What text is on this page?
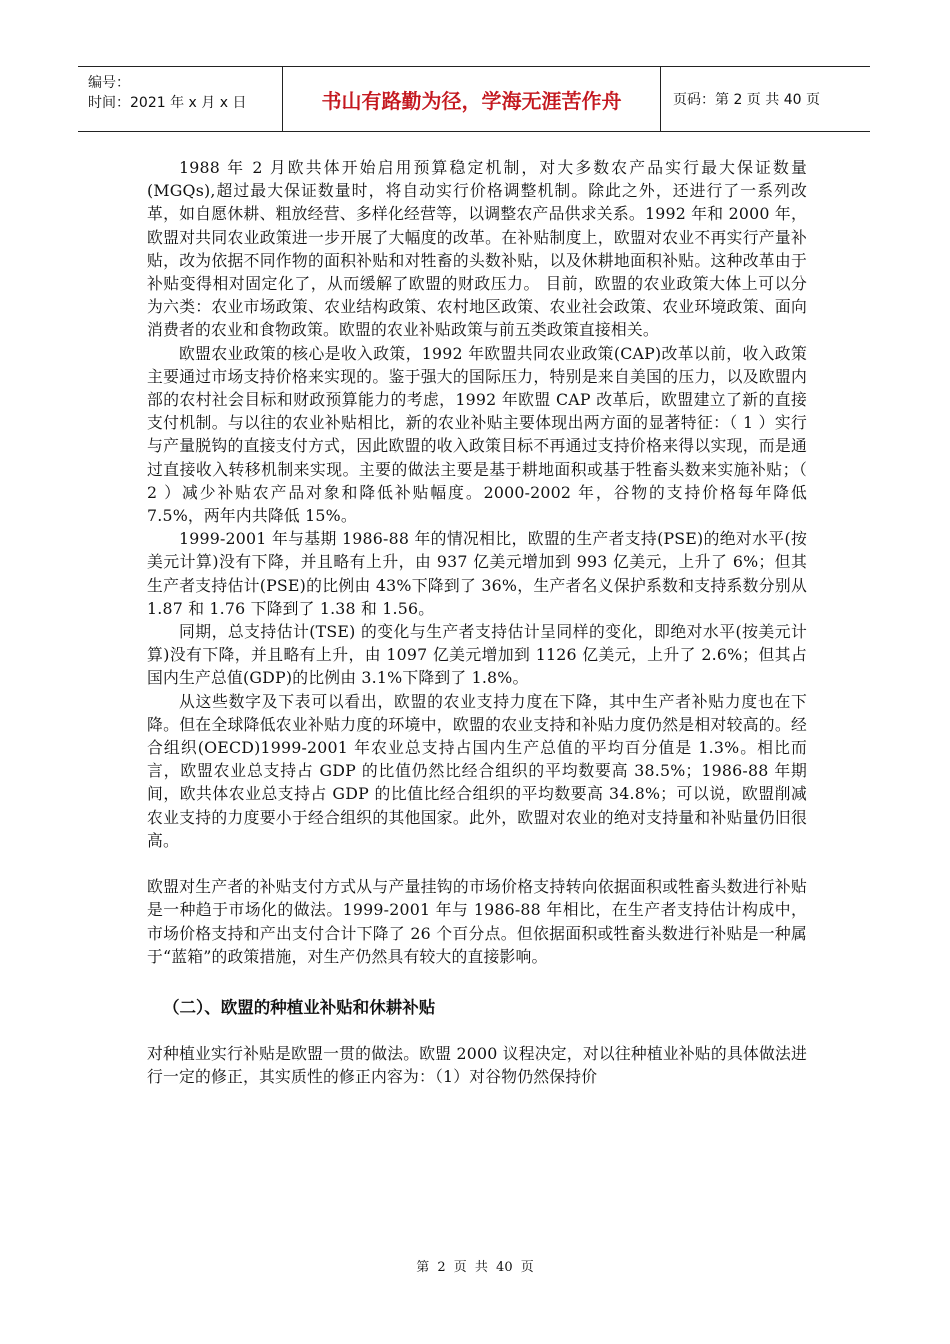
编号：
时间：2021 年 x 月 x 日	书山有路勤为径，学海无涯苦作舟	页码：第 2 页 共 40 页

1988 年 2 月欧共体开始启用预算稳定机制，对大多数农产品实行最大保证数量(MGQs),超过最大保证数量时，将自动实行价格调整机制。除此之外，还进行了一系列改革，如自愿休耕、粗放经营、多样化经营等，以调整农产品供求关系。1992 年和 2000 年，欧盟对共同农业政策进一步开展了大幅度的改革。在补贴制度上，欧盟对农业不再实行产量补贴，改为依据不同作物的面积补贴和对牲畜的头数补贴，以及休耕地面积补贴。这种改革由于补贴变得相对固定化了，从而缓解了欧盟的财政压力。 目前，欧盟的农业政策大体上可以分为六类：农业市场政策、农业结构政策、农村地区政策、农业社会政策、农业环境政策、面向消费者的农业和食物政策。欧盟的农业补贴政策与前五类政策直接相关。

欧盟农业政策的核心是收入政策，1992 年欧盟共同农业政策(CAP)改革以前，收入政策主要通过市场支持价格来实现的。鉴于强大的国际压力，特别是来自美国的压力，以及欧盟内部的农村社会目标和财政预算能力的考虑，1992 年欧盟 CAP 改革后，欧盟建立了新的直接支付机制。与以往的农业补贴相比，新的农业补贴主要体现出两方面的显著特征：（ 1 ）实行与产量脱钩的直接支付方式，因此欧盟的收入政策目标不再通过支持价格来得以实现，而是通过直接收入转移机制来实现。主要的做法主要是基于耕地面积或基于牲畜头数来实施补贴；（ 2 ）减少补贴农产品对象和降低补贴幅度。2000-2002 年，谷物的支持价格每年降低 7.5%，两年内共降低 15%。

1999-2001 年与基期 1986-88 年的情况相比，欧盟的生产者支持(PSE)的绝对水平(按美元计算)没有下降，并且略有上升，由 937 亿美元增加到 993 亿美元，上升了 6%；但其生产者支持估计(PSE)的比例由 43%下降到了 36%，生产者名义保护系数和支持系数分别从 1.87 和 1.76 下降到了 1.38 和 1.56。

同期，总支持估计(TSE) 的变化与生产者支持估计呈同样的变化，即绝对水平(按美元计算)没有下降，并且略有上升，由 1097 亿美元增加到 1126 亿美元，上升了 2.6%；但其占国内生产总值(GDP)的比例由 3.1%下降到了 1.8%。

从这些数字及下表可以看出，欧盟的农业支持力度在下降，其中生产者补贴力度也在下降。但在全球降低农业补贴力度的环境中，欧盟的农业支持和补贴力度仍然是相对较高的。经合组织(OECD)1999-2001 年农业总支持占国内生产总值的平均百分值是 1.3%。相比而言，欧盟农业总支持占 GDP 的比值仍然比经合组织的平均数要高 38.5%；1986-88 年期间，欧共体农业总支持占 GDP 的比值比经合组织的平均数要高 34.8%；可以说，欧盟削减农业支持的力度要小于经合组织的其他国家。此外，欧盟对农业的绝对支持量和补贴量仍旧很高。

欧盟对生产者的补贴支付方式从与产量挂钩的市场价格支持转向依据面积或牲畜头数进行补贴是一种趋于市场化的做法。1999-2001 年与 1986-88 年相比，在生产者支持估计构成中，市场价格支持和产出支付合计下降了 26 个百分点。但依据面积或牲畜头数进行补贴是一种属于“蓝箱”的政策措施，对生产仍然具有较大的直接影响。

（二）、欧盟的种植业补贴和休耕补贴

对种植业实行补贴是欧盟一贯的做法。欧盟 2000 议程决定，对以往种植业补贴的具体做法进行一定的修正，其实质性的修正内容为：（1）对谷物仍然保持价

第 2 页 共 40 页
